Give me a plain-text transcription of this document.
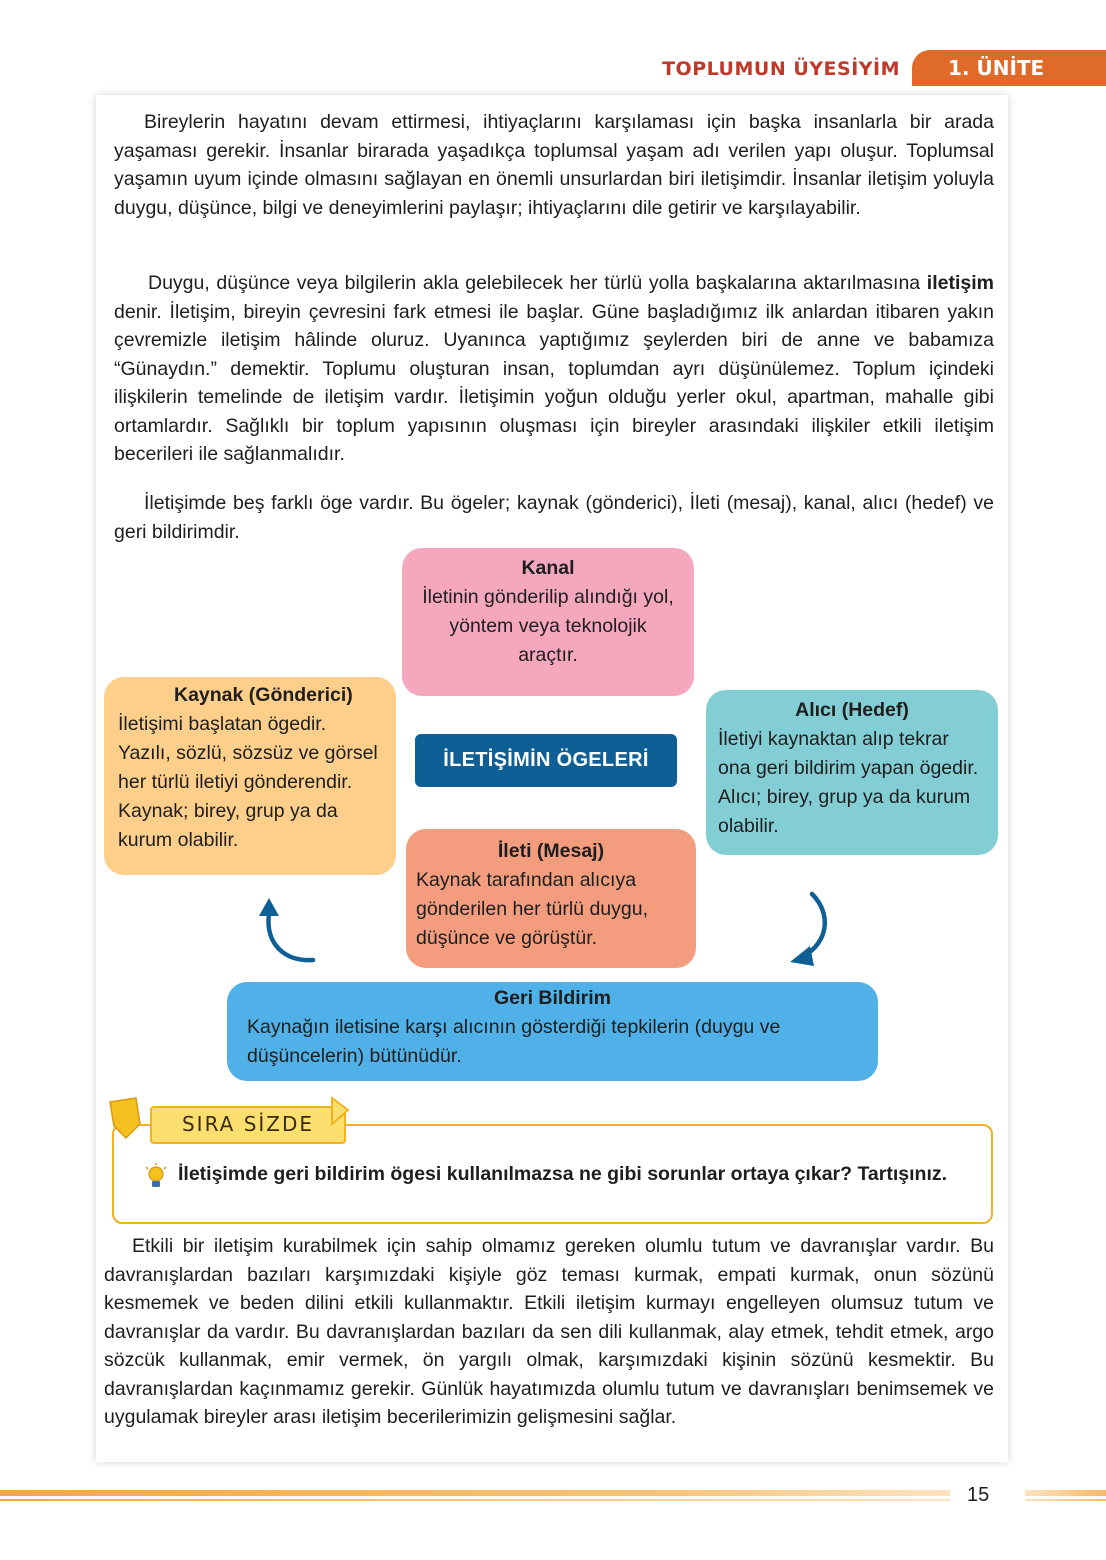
TOPLUMUN ÜYESİYİM	1. ÜNİTE

Bireylerin hayatını devam ettirmesi, ihtiyaçlarını karşılaması için başka insanlarla bir arada yaşaması gerekir. İnsanlar birarada yaşadıkça toplumsal yaşam adı verilen yapı oluşur. Toplumsal yaşamın uyum içinde olmasını sağlayan en önemli unsurlardan biri iletişimdir. İnsanlar iletişim yoluyla duygu, düşünce, bilgi ve deneyimlerini paylaşır; ihtiyaçlarını dile getirir ve karşılayabilir.

Duygu, düşünce veya bilgilerin akla gelebilecek her türlü yolla başkalarına aktarılmasına iletişim denir. İletişim, bireyin çevresini fark etmesi ile başlar. Güne başladığımız ilk anlardan itibaren yakın çevremizle iletişim hâlinde oluruz. Uyanınca yaptığımız şeylerden biri de anne ve babamıza “Günaydın.” demektir. Toplumu oluşturan insan, toplumdan ayrı düşünülemez. Toplum içindeki ilişkilerin temelinde de iletişim vardır. İletişimin yoğun olduğu yerler okul, apartman, mahalle gibi ortamlardır. Sağlıklı bir toplum yapısının oluşması için bireyler arasındaki ilişkiler etkili iletişim becerileri ile sağlanmalıdır.

İletişimde beş farklı öge vardır. Bu ögeler; kaynak (gönderici), İleti (mesaj), kanal, alıcı (hedef) ve geri bildirimdir.

Kanal
İletinin gönderilip alındığı yol, yöntem veya teknolojik araçtır.
Kaynak (Gönderici)
İletişimi başlatan ögedir. Yazılı, sözlü, sözsüz ve görsel her türlü iletiyi gönderendir. Kaynak; birey, grup ya da kurum olabilir.
Alıcı (Hedef)
İletiyi kaynaktan alıp tekrar ona geri bildirim yapan ögedir. Alıcı; birey, grup ya da kurum olabilir.
İLETİŞİMİN ÖGELERİ
İleti (Mesaj)
Kaynak tarafından alıcıya gönderilen her türlü duygu, düşünce ve görüştür.
Geri Bildirim
Kaynağın iletisine karşı alıcının gösterdiği tepkilerin (duygu ve düşüncelerin) bütünüdür.
SIRA SİZDE
İletişimde geri bildirim ögesi kullanılmazsa ne gibi sorunlar ortaya çıkar? Tartışınız.

Etkili bir iletişim kurabilmek için sahip olmamız gereken olumlu tutum ve davranışlar vardır. Bu davranışlardan bazıları karşımızdaki kişiyle göz teması kurmak, empati kurmak, onun sözünü kesmemek ve beden dilini etkili kullanmaktır. Etkili iletişim kurmayı engelleyen olumsuz tutum ve davranışlar da vardır. Bu davranışlardan bazıları da sen dili kullanmak, alay etmek, tehdit etmek, argo sözcük kullanmak, emir vermek, ön yargılı olmak, karşımızdaki kişinin sözünü kesmektir. Bu davranışlardan kaçınmamız gerekir. Günlük hayatımızda olumlu tutum ve davranışları benimsemek ve uygulamak bireyler arası iletişim becerilerimizin gelişmesini sağlar.

15
